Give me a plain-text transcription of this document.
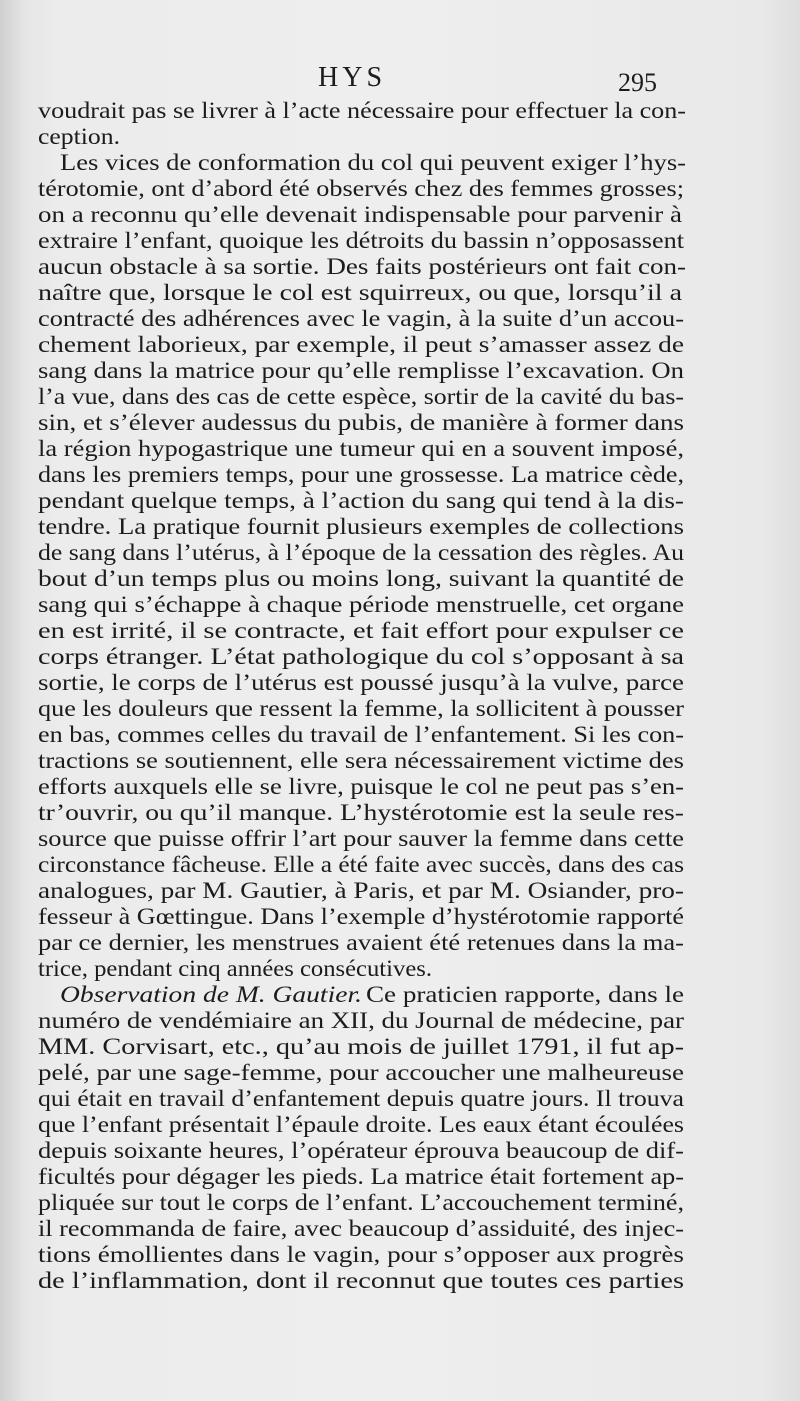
HYS	295
voudrait pas se livrer à l’acte nécessaire pour effectuer la con-
ception.
Les vices de conformation du col qui peuvent exiger l’hys-
térotomie, ont d’abord été observés chez des femmes grosses;
on a reconnu qu’elle devenait indispensable pour parvenir à
extraire l’enfant, quoique les détroits du bassin n’opposassent
aucun obstacle à sa sortie. Des faits postérieurs ont fait con-
naître que, lorsque le col est squirreux, ou que, lorsqu’il a
contracté des adhérences avec le vagin, à la suite d’un accou-
chement laborieux, par exemple, il peut s’amasser assez de
sang dans la matrice pour qu’elle remplisse l’excavation. On
l’a vue, dans des cas de cette espèce, sortir de la cavité du bas-
sin, et s’élever audessus du pubis, de manière à former dans
la région hypogastrique une tumeur qui en a souvent imposé,
dans les premiers temps, pour une grossesse. La matrice cède,
pendant quelque temps, à l’action du sang qui tend à la dis-
tendre. La pratique fournit plusieurs exemples de collections
de sang dans l’utérus, à l’époque de la cessation des règles. Au
bout d’un temps plus ou moins long, suivant la quantité de
sang qui s’échappe à chaque période menstruelle, cet organe
en est irrité, il se contracte, et fait effort pour expulser ce
corps étranger. L’état pathologique du col s’opposant à sa
sortie, le corps de l’utérus est poussé jusqu’à la vulve, parce
que les douleurs que ressent la femme, la sollicitent à pousser
en bas, commes celles du travail de l’enfantement. Si les con-
tractions se soutiennent, elle sera nécessairement victime des
efforts auxquels elle se livre, puisque le col ne peut pas s’en-
tr’ouvrir, ou qu’il manque. L’hystérotomie est la seule res-
source que puisse offrir l’art pour sauver la femme dans cette
circonstance fâcheuse. Elle a été faite avec succès, dans des cas
analogues, par M. Gautier, à Paris, et par M. Osiander, pro-
fesseur à Gœttingue. Dans l’exemple d’hystérotomie rapporté
par ce dernier, les menstrues avaient été retenues dans la ma-
trice, pendant cinq années consécutives.
Observation de M. Gautier. Ce praticien rapporte, dans le
numéro de vendémiaire an XII, du Journal de médecine, par
MM. Corvisart, etc., qu’au mois de juillet 1791, il fut ap-
pelé, par une sage-femme, pour accoucher une malheureuse
qui était en travail d’enfantement depuis quatre jours. Il trouva
que l’enfant présentait l’épaule droite. Les eaux étant écoulées
depuis soixante heures, l’opérateur éprouva beaucoup de dif-
ficultés pour dégager les pieds. La matrice était fortement ap-
pliquée sur tout le corps de l’enfant. L’accouchement terminé,
il recommanda de faire, avec beaucoup d’assiduité, des injec-
tions émollientes dans le vagin, pour s’opposer aux progrès
de l’inflammation, dont il reconnut que toutes ces parties
